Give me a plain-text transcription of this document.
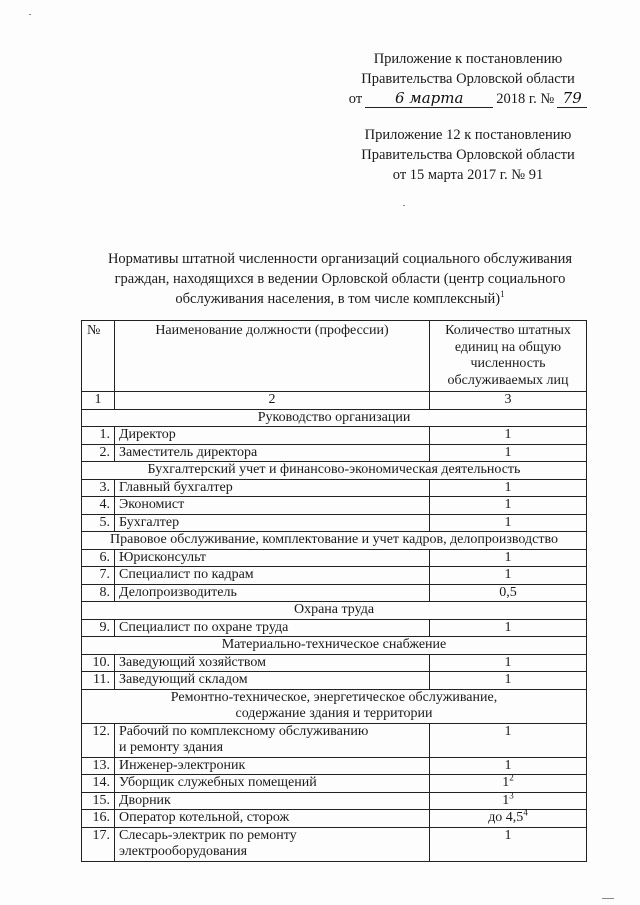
Приложение к постановлению
Правительства Орловской области
от	6 марта	2018 г. № 79
Приложение 12 к постановлению
Правительства Орловской области
от 15 марта 2017 г. № 91
Нормативы штатной численности организаций социального обслуживания
граждан, находящихся в ведении Орловской области (центр социального
обслуживания населения, в том числе комплексный)$^1$
№	Наименование должности (профессии)	Количество штатных
единиц на общую
численность
обслуживаемых лиц

1	2	3

Руководство организации		

1.	Директор	1
2.	Заместитель директора	1

Бухгалтерский учет и финансово-экономическая деятельность		

3.	Главный бухгалтер	1
4.	Экономист	1
5.	Бухгалтер	1

Правовое обслуживание, комплектование и учет кадров, делопроизводство		

6.	Юрисконсульт	1
7.	Специалист по кадрам	1
8.	Делопроизводитель	0,5

Охрана труда		

9.	Специалист по охране труда	1

Материально-техническое снабжение		

10.	Заведующий хозяйством	1
11.	Заведующий складом	1

Ремонтно-техническое, энергетическое обслуживание,
содержание здания и территории		

12.	Рабочий по комплексному обслуживанию
и ремонту здания	1
13.	Инженер-электроник	1
14.	Уборщик служебных помещений	$1^2$
15.	Дворник	$1^3$
16.	Оператор котельной, сторож	до $4,5^4$
17.	Слесарь-электрик по ремонту
электрооборудования	1
